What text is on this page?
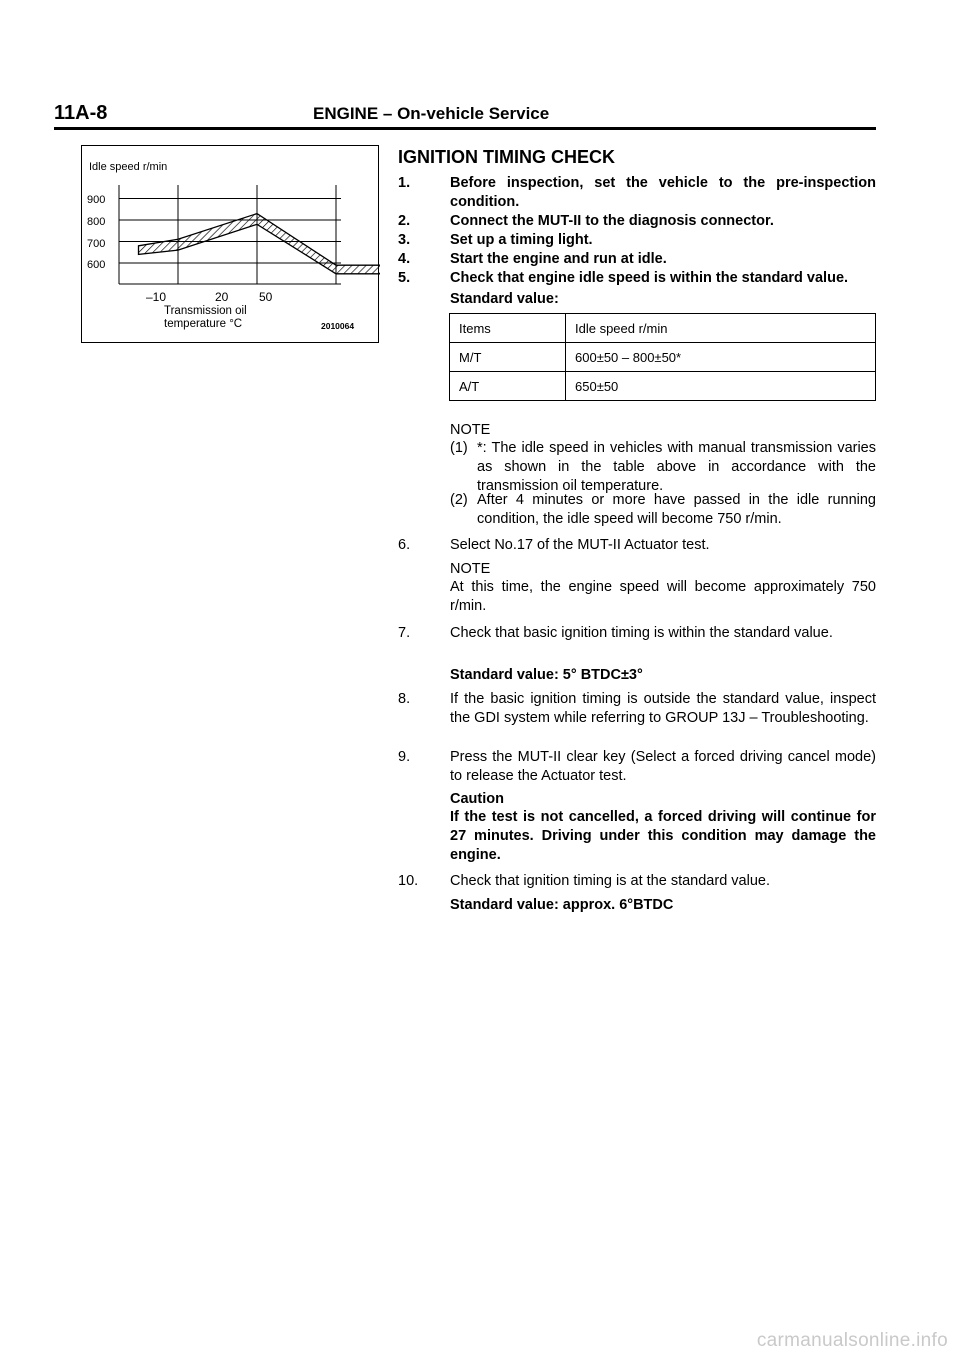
11A-8	ENGINE – On-vehicle Service
Idle speed r/min
900
800
700
600
–10	20	50
Transmission oil
temperature °C	2010064
IGNITION TIMING CHECK
1.	Before inspection, set the vehicle to the pre-inspection condition.
2.	Connect the MUT-II to the diagnosis connector.
3.	Set up a timing light.
4.	Start the engine and run at idle.
5.	Check that engine idle speed is within the standard value.
Standard value:
Items	Idle speed r/min
M/T	600±50 – 800±50*
A/T	650±50
NOTE
(1) *: The idle speed in vehicles with manual transmission varies as shown in the table above in accordance with the transmission oil temperature.
(2) After 4 minutes or more have passed in the idle running condition, the idle speed will become 750 r/min.
6.	Select No.17 of the MUT-II Actuator test.
NOTE
At this time, the engine speed will become approximately 750 r/min.
7.	Check that basic ignition timing is within the standard value.
Standard value: 5° BTDC±3°
8.	If the basic ignition timing is outside the standard value, inspect the GDI system while referring to GROUP 13J – Troubleshooting.
9.	Press the MUT-II clear key (Select a forced driving cancel mode) to release the Actuator test.
Caution
If the test is not cancelled, a forced driving will continue for 27 minutes. Driving under this condition may damage the engine.
10. Check that ignition timing is at the standard value.
Standard value: approx. 6°BTDC
carmanualsonline.info
